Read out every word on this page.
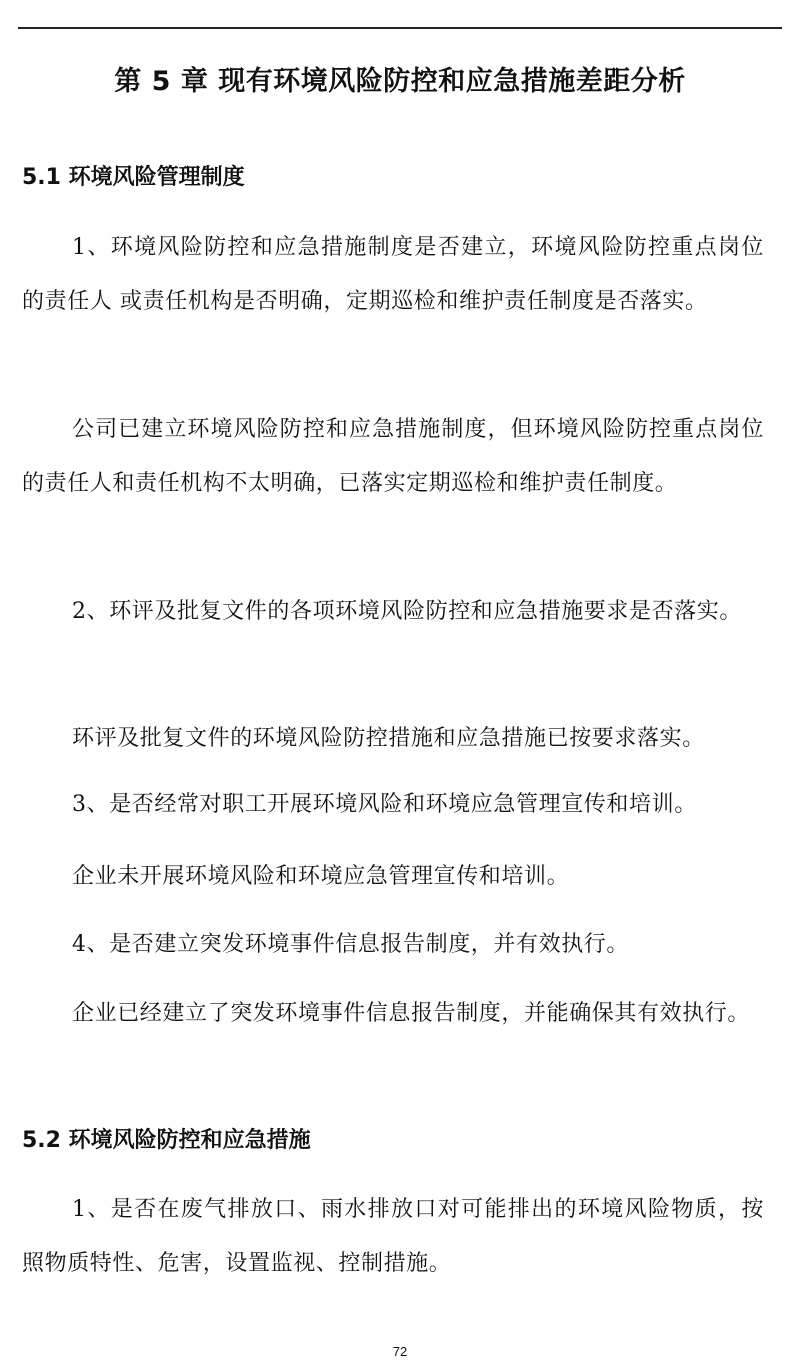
第 5 章 现有环境风险防控和应急措施差距分析
5.1 环境风险管理制度

1、环境风险防控和应急措施制度是否建立，环境风险防控重点岗位的责任人 或责任机构是否明确，定期巡检和维护责任制度是否落实。

公司已建立环境风险防控和应急措施制度，但环境风险防控重点岗位的责任人和责任机构不太明确，已落实定期巡检和维护责任制度。

2、环评及批复文件的各项环境风险防控和应急措施要求是否落实。

环评及批复文件的环境风险防控措施和应急措施已按要求落实。

3、是否经常对职工开展环境风险和环境应急管理宣传和培训。

企业未开展环境风险和环境应急管理宣传和培训。

4、是否建立突发环境事件信息报告制度，并有效执行。

企业已经建立了突发环境事件信息报告制度，并能确保其有效执行。

5.2 环境风险防控和应急措施

1、是否在废气排放口、雨水排放口对可能排出的环境风险物质，按照物质特性、危害，设置监视、控制措施。

72
